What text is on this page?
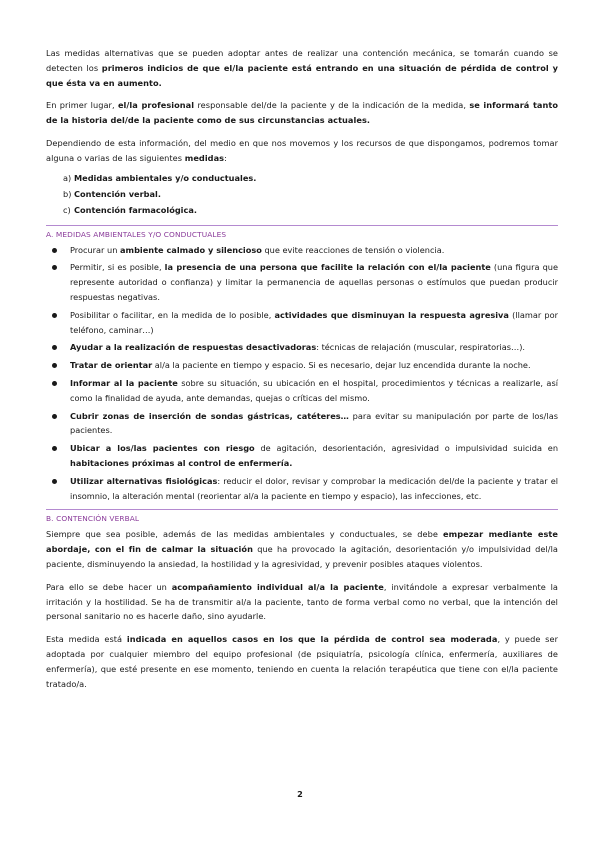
Las medidas alternativas que se pueden adoptar antes de realizar una contención mecánica, se tomarán cuando se detecten los primeros indicios de que el/la paciente está entrando en una situación de pérdida de control y que ésta va en aumento.

En primer lugar, el/la profesional responsable del/de la paciente y de la indicación de la medida, se informará tanto de la historia del/de la paciente como de sus circunstancias actuales.

Dependiendo de esta información, del medio en que nos movemos y los recursos de que dispongamos, podremos tomar alguna o varias de las siguientes medidas:

a) Medidas ambientales y/o conductuales.
b) Contención verbal.
c) Contención farmacológica.
A. MEDIDAS AMBIENTALES Y/O CONDUCTUALES
Procurar un ambiente calmado y silencioso que evite reacciones de tensión o violencia.
Permitir, si es posible, la presencia de una persona que facilite la relación con el/la paciente (una figura que represente autoridad o confianza) y limitar la permanencia de aquellas personas o estímulos que puedan producir respuestas negativas.
Posibilitar o facilitar, en la medida de lo posible, actividades que disminuyan la respuesta agresiva (llamar por teléfono, caminar…)
Ayudar a la realización de respuestas desactivadoras: técnicas de relajación (muscular, respiratorias…).
Tratar de orientar al/a la paciente en tiempo y espacio. Si es necesario, dejar luz encendida durante la noche.
Informar al la paciente sobre su situación, su ubicación en el hospital, procedimientos y técnicas a realizarle, así como la finalidad de ayuda, ante demandas, quejas o críticas del mismo.
Cubrir zonas de inserción de sondas gástricas, catéteres… para evitar su manipulación por parte de los/las pacientes.
Ubicar a los/las pacientes con riesgo de agitación, desorientación, agresividad o impulsividad suicida en habitaciones próximas al control de enfermería.
Utilizar alternativas fisiológicas: reducir el dolor, revisar y comprobar la medicación del/de la paciente y tratar el insomnio, la alteración mental (reorientar al/a la paciente en tiempo y espacio), las infecciones, etc.
B. CONTENCIÓN VERBAL

Siempre que sea posible, además de las medidas ambientales y conductuales, se debe empezar mediante este abordaje, con el fin de calmar la situación que ha provocado la agitación, desorientación y/o impulsividad del/la paciente, disminuyendo la ansiedad, la hostilidad y la agresividad, y prevenir posibles ataques violentos.

Para ello se debe hacer un acompañamiento individual al/a la paciente, invitándole a expresar verbalmente la irritación y la hostilidad. Se ha de transmitir al/a la paciente, tanto de forma verbal como no verbal, que la intención del personal sanitario no es hacerle daño, sino ayudarle.

Esta medida está indicada en aquellos casos en los que la pérdida de control sea moderada, y puede ser adoptada por cualquier miembro del equipo profesional (de psiquiatría, psicología clínica, enfermería, auxiliares de enfermería), que esté presente en ese momento, teniendo en cuenta la relación terapéutica que tiene con el/la paciente tratado/a.

2
